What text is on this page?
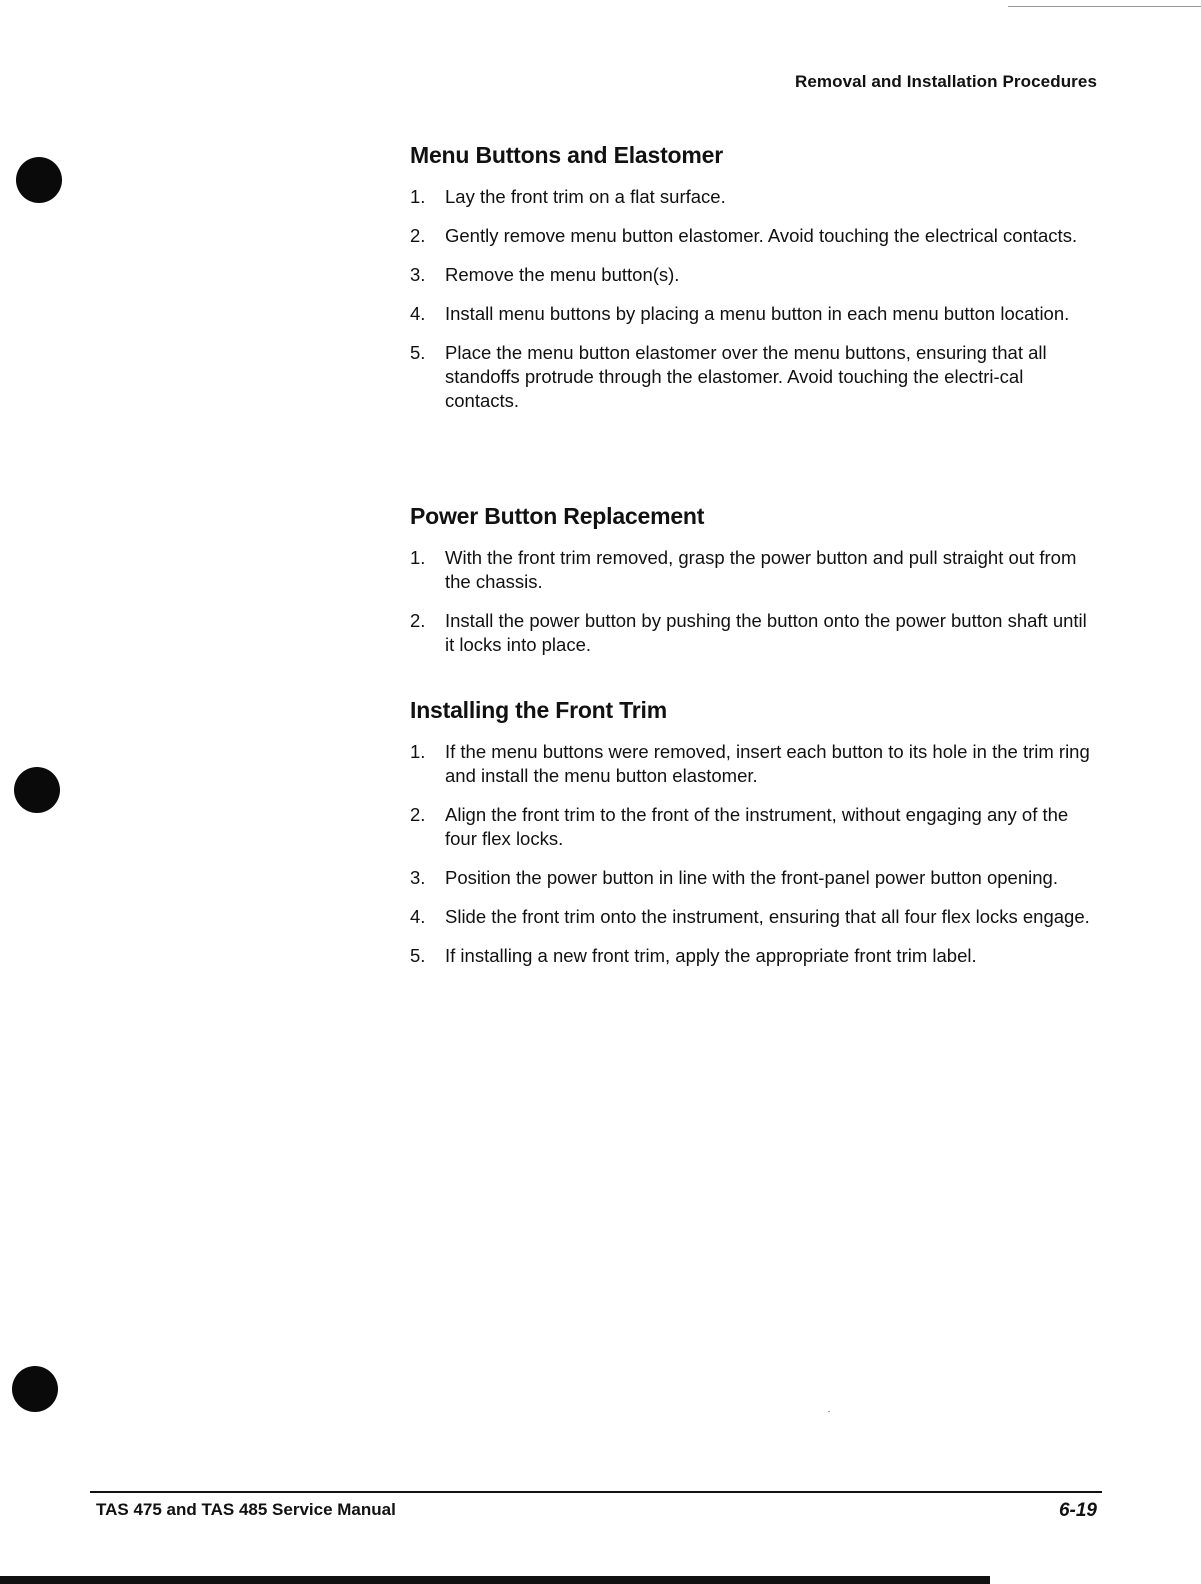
Removal and Installation Procedures
Menu Buttons and Elastomer
1. Lay the front trim on a flat surface.
2. Gently remove menu button elastomer. Avoid touching the electrical contacts.
3. Remove the menu button(s).
4. Install menu buttons by placing a menu button in each menu button location.
5. Place the menu button elastomer over the menu buttons, ensuring that all standoffs protrude through the elastomer. Avoid touching the electri-cal contacts.
Power Button Replacement
1. With the front trim removed, grasp the power button and pull straight out from the chassis.
2. Install the power button by pushing the button onto the power button shaft until it locks into place.
Installing the Front Trim
1. If the menu buttons were removed, insert each button to its hole in the trim ring and install the menu button elastomer.
2. Align the front trim to the front of the instrument, without engaging any of the four flex locks.
3. Position the power button in line with the front-panel power button opening.
4. Slide the front trim onto the instrument, ensuring that all four flex locks engage.
5. If installing a new front trim, apply the appropriate front trim label.
TAS 475 and TAS 485 Service Manual	6-19
